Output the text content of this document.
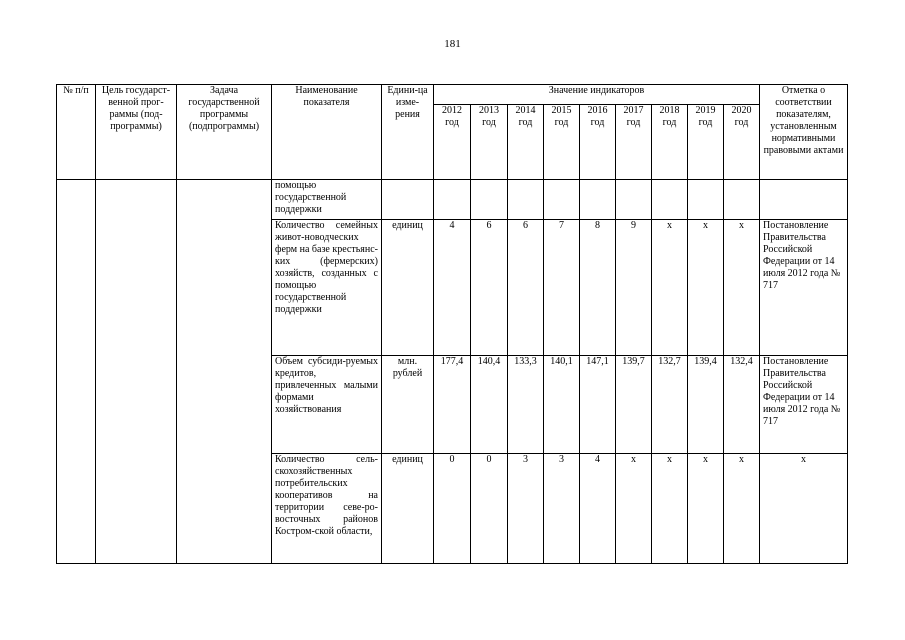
181
№ п/п	Цель государст-венной прог-раммы (под-программы)	Задача государственной программы (подпрограммы)	Наименование показателя	Едини-ца изме-рения	Значение индикаторов									Отметка о соответствии показателям, установленным нормативными правовыми актами
					2012 год	2013 год	2014 год	2015 год	2016 год	2017 год	2018 год	2019 год	2020 год	
			помощью государственной поддержки											
			Количество семейных живот-новодческих ферм на базе крестьянс-ких (фермерских) хозяйств, созданных с помощью государственной поддержки	единиц	4	6	6	7	8	9	x	x	x	Постановление Правительства Российской Федерации от 14 июля 2012 года № 717
			Объем субсиди-руемых кредитов, привлеченных малыми формами хозяйствования	млн. рублей	177,4	140,4	133,3	140,1	147,1	139,7	132,7	139,4	132,4	Постановление Правительства Российской Федерации от 14 июля 2012 года № 717
			Количество сель-скохозяйственных потребительских кооперативов на территории севе-ро-восточных районов Костром-ской области,	единиц	0	0	3	3	4	x	x	x	x	x
